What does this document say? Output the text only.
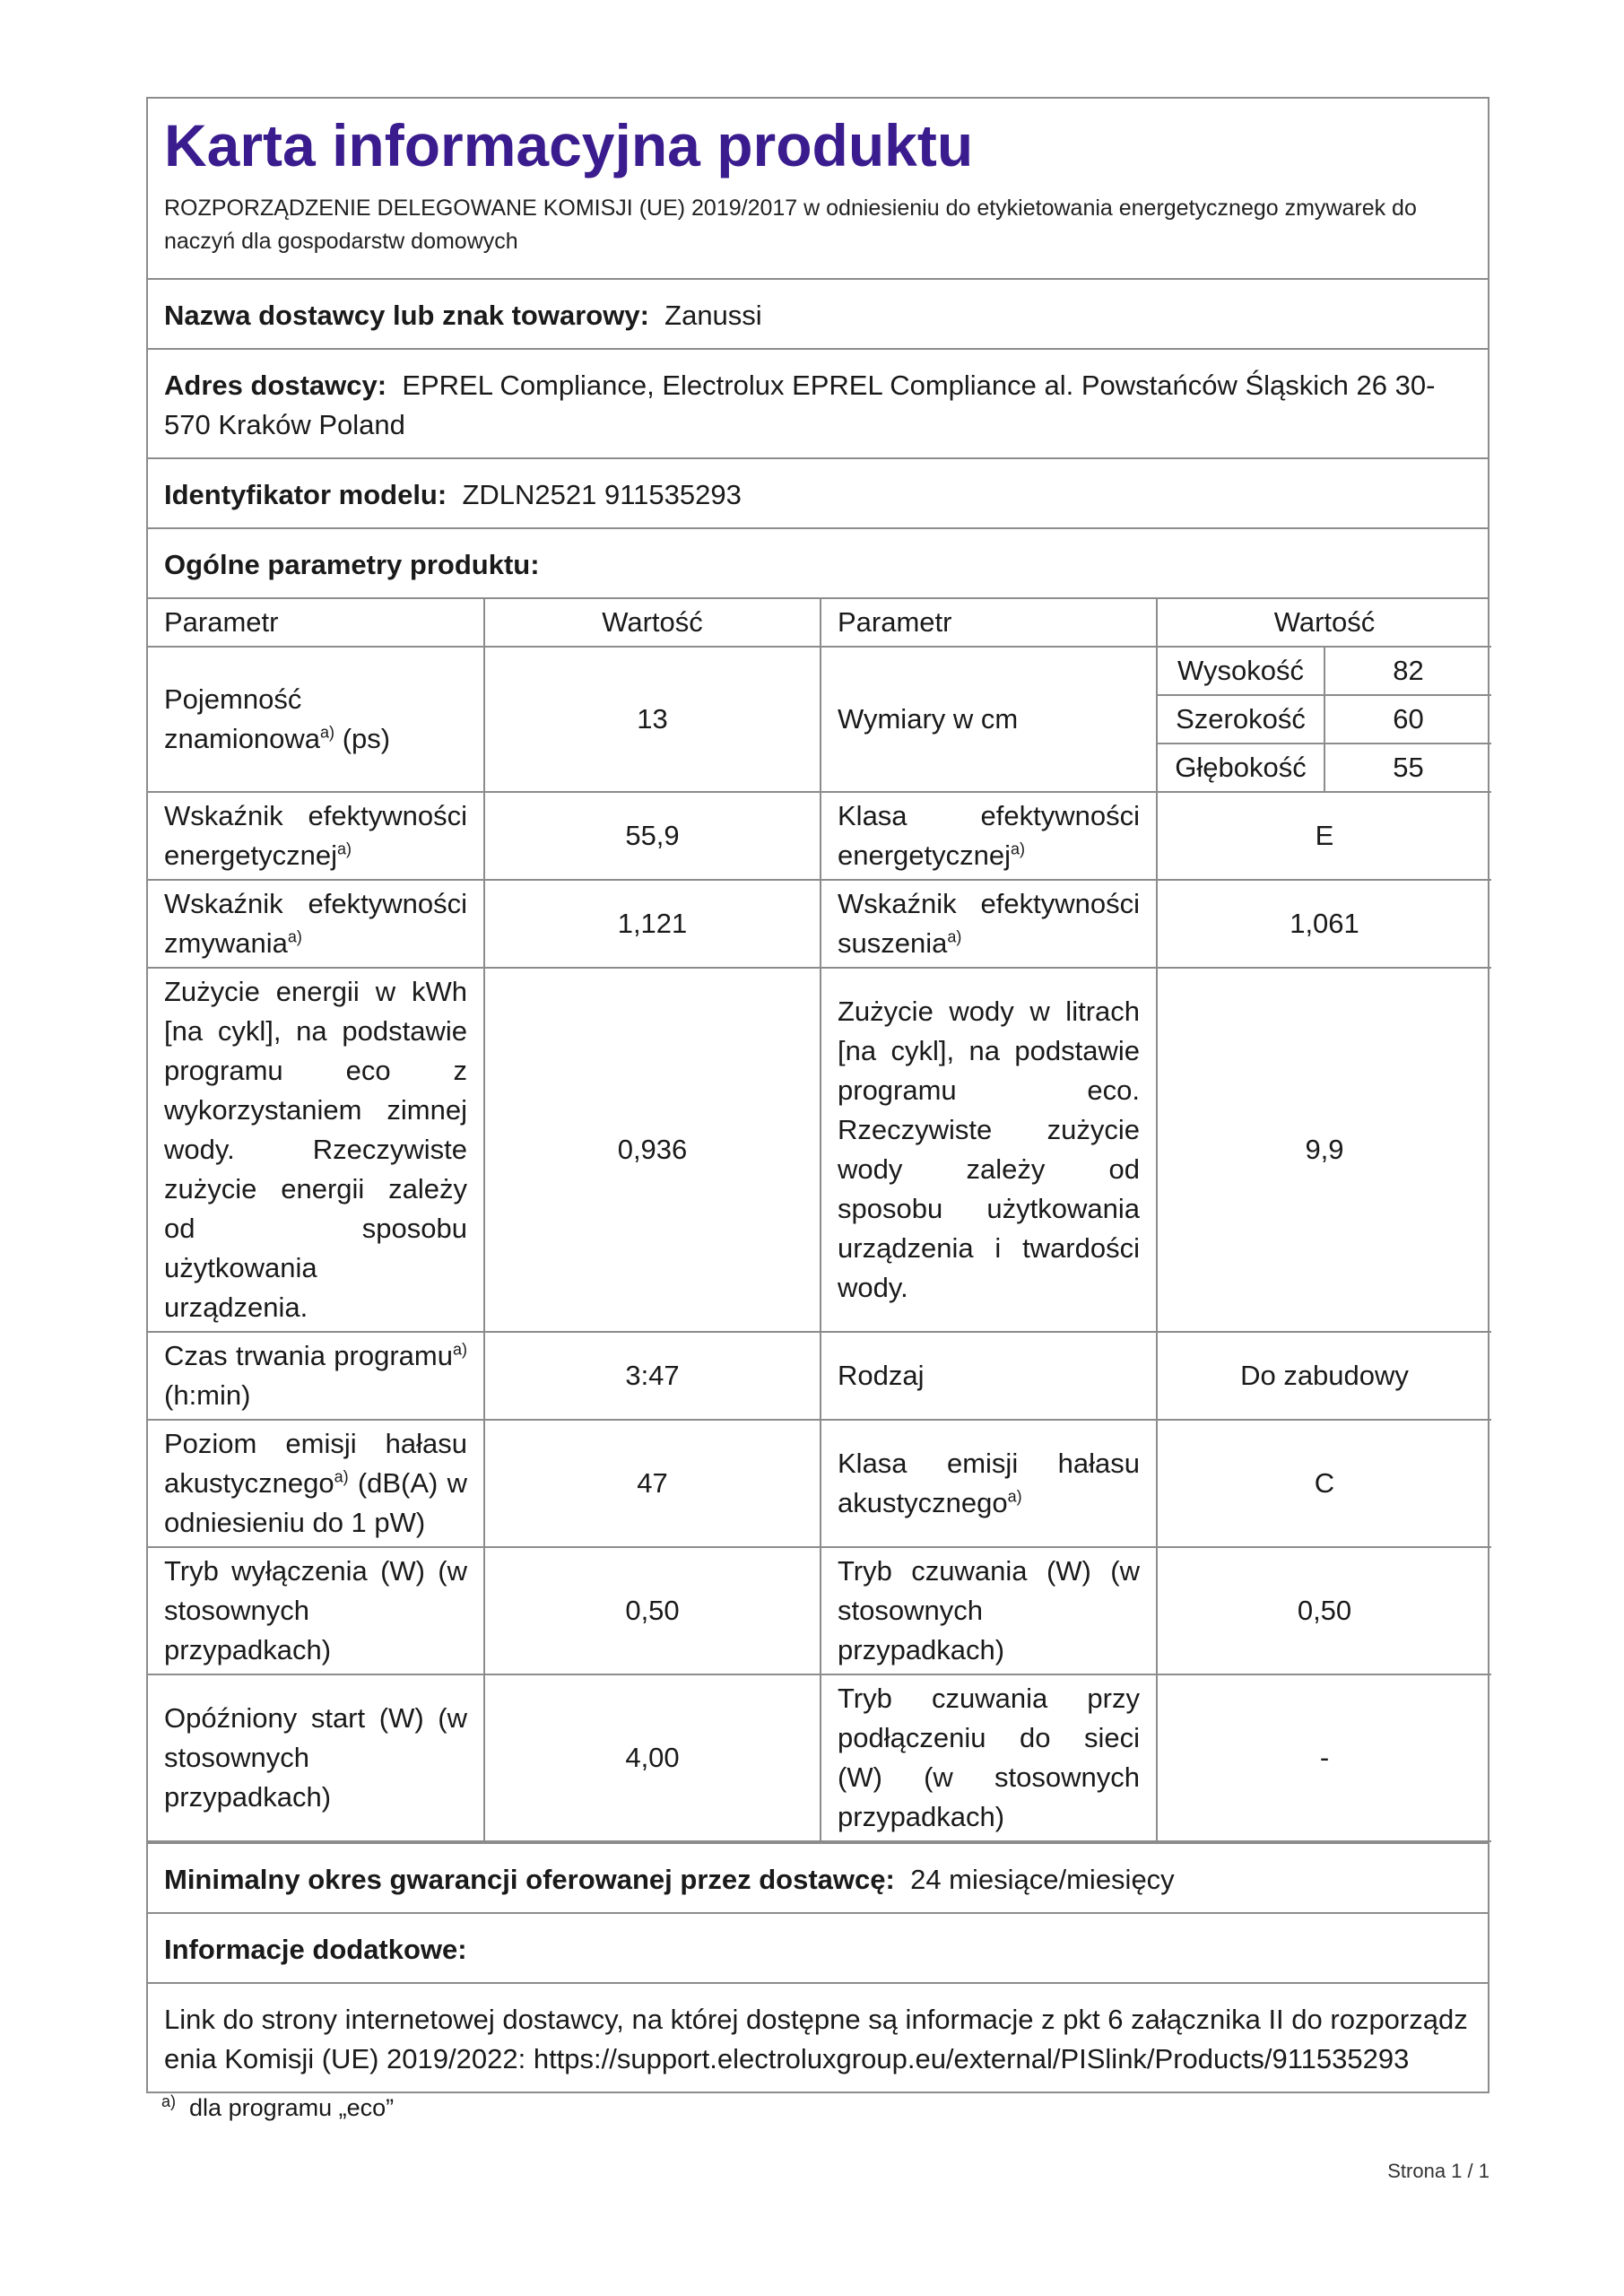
Karta informacyjna produktu
ROZPORZĄDZENIE DELEGOWANE KOMISJI (UE) 2019/2017 w odniesieniu do etykietowania energetycznego zmywarek do naczyń dla gospodarstw domowych
Nazwa dostawcy lub znak towarowy: Zanussi
Adres dostawcy: EPREL Compliance, Electrolux EPREL Compliance al. Powstańców Śląskich 26 30-570 Kraków Poland
Identyfikator modelu: ZDLN2521 911535293
Ogólne parametry produktu:
Parametr	Wartość	Parametr	Wartość
Pojemność znamionowa$^{a)}$ (ps)	13	Wymiary w cm	
Wysokość	82
Szerokość	60
Głębokość	55

Wskaźnik efektywności energetycznej$^{a)}$	55,9	Klasa efektywności energetycznej$^{a)}$	E
Wskaźnik efektywności zmywania$^{a)}$	1,121	Wskaźnik efektywności suszenia$^{a)}$	1,061
Zużycie energii w kWh [na cykl], na podstawie programu eco z wykorzystaniem zimnej wody. Rzeczywiste zużycie energii zależy od sposobu użytkowania urządzenia.	0,936	Zużycie wody w litrach [na cykl], na podstawie programu eco. Rzeczywiste zużycie wody zależy od sposobu użytkowania urządzenia i twardości wody.	9,9
Czas trwania programu$^{a)}$ (h:min)	3:47	Rodzaj	Do zabudowy
Poziom emisji hałasu akustycznego$^{a)}$ (dB(A) w odniesieniu do 1 pW)	47	Klasa emisji hałasu akustycznego$^{a)}$	C
Tryb wyłączenia (W) (w stosownych przypadkach)	0,50	Tryb czuwania (W) (w stosownych przypadkach)	0,50
Opóźniony start (W) (w stosownych przypadkach)	4,00	Tryb czuwania przy podłączeniu do sieci (W) (w stosownych przypadkach)	-
Minimalny okres gwarancji oferowanej przez dostawcę: 24 miesiące/miesięcy
Informacje dodatkowe:
Link do strony internetowej dostawcy, na której dostępne są informacje z pkt 6 załącznika II do rozporządzenia Komisji (UE) 2019/2022: https://support.electroluxgroup.eu/external/PISlink/Products/911535293
$^{a)}$ dla programu „eco”
Strona 1 / 1
